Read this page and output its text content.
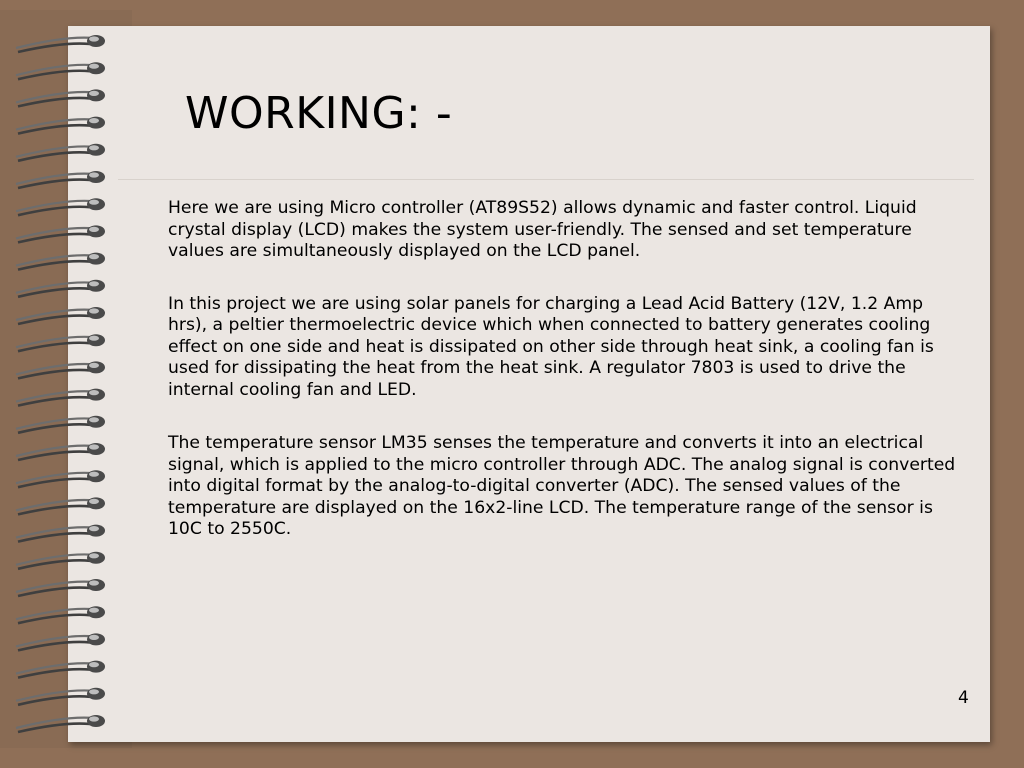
WORKING: -

Here we are using Micro controller (AT89S52) allows dynamic and faster control. Liquid crystal display (LCD) makes the system user-friendly. The sensed and set temperature values are simultaneously displayed on the LCD panel.

In this project we are using solar panels for charging a Lead Acid Battery (12V, 1.2 Amp hrs), a peltier thermoelectric device which when connected to battery generates cooling effect on one side and heat is dissipated on other side through heat sink, a cooling fan is used for dissipating the heat from the heat sink. A regulator 7803 is used to drive the internal cooling fan and LED.

The temperature sensor LM35 senses the temperature and converts it into an electrical signal, which is applied to the micro controller through ADC. The analog signal is converted into digital format by the analog-to-digital converter (ADC). The sensed values of the temperature are displayed on the 16x2-line LCD. The temperature range of the sensor is 10C to 2550C.

4
